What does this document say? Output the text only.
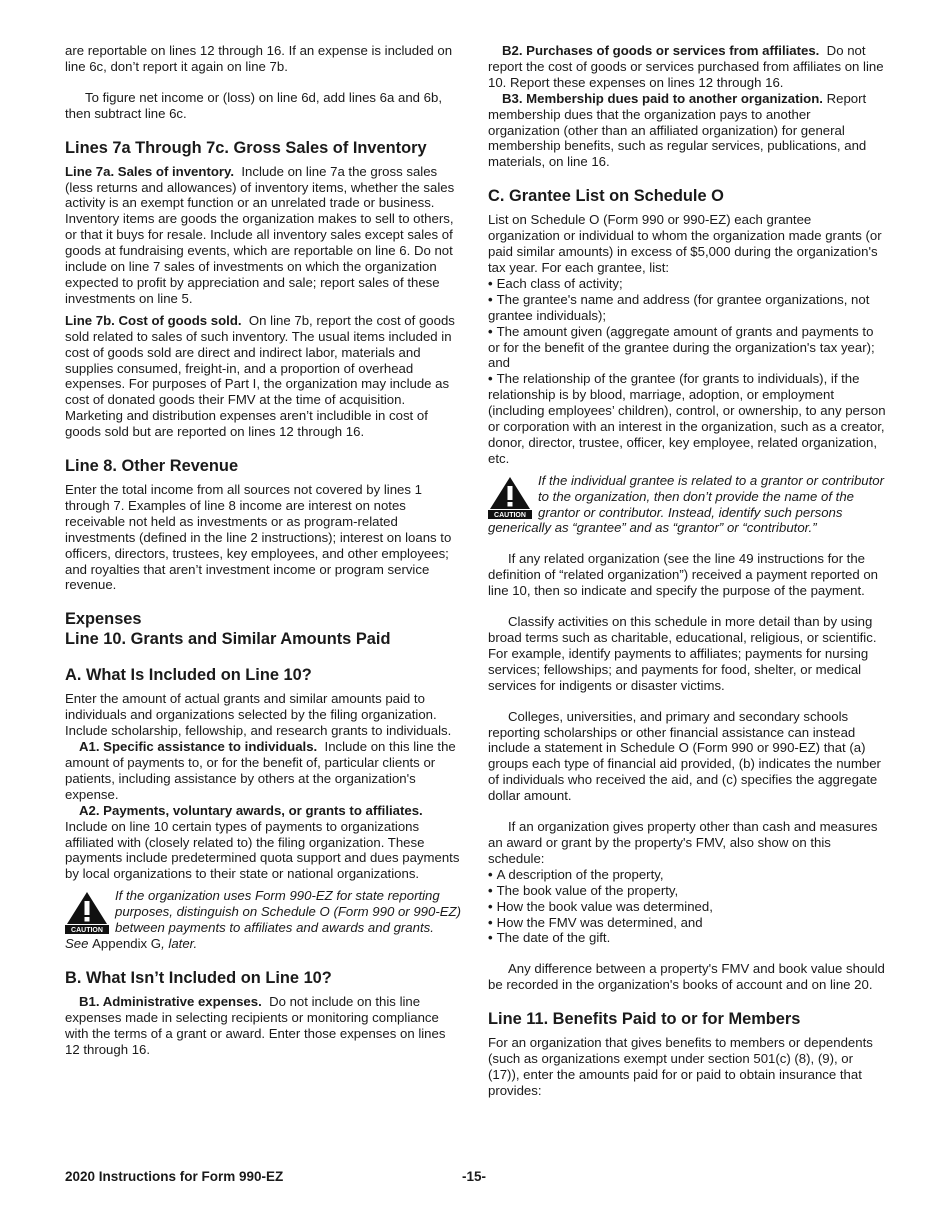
are reportable on lines 12 through 16. If an expense is included on line 6c, don’t report it again on line 7b.

To figure net income or (loss) on line 6d, add lines 6a and 6b, then subtract line 6c.

Lines 7a Through 7c. Gross Sales of Inventory

Line 7a. Sales of inventory. Include on line 7a the gross sales (less returns and allowances) of inventory items, whether the sales activity is an exempt function or an unrelated trade or business. Inventory items are goods the organization makes to sell to others, or that it buys for resale. Include all inventory sales except sales of goods at fundraising events, which are reportable on line 6. Do not include on line 7 sales of investments on which the organization expected to profit by appreciation and sale; report sales of these investments on line 5.

Line 7b. Cost of goods sold. On line 7b, report the cost of goods sold related to sales of such inventory. The usual items included in cost of goods sold are direct and indirect labor, materials and supplies consumed, freight-in, and a proportion of overhead expenses. For purposes of Part I, the organization may include as cost of donated goods their FMV at the time of acquisition. Marketing and distribution expenses aren’t includible in cost of goods sold but are reported on lines 12 through 16.

Line 8. Other Revenue

Enter the total income from all sources not covered by lines 1 through 7. Examples of line 8 income are interest on notes receivable not held as investments or as program-related investments (defined in the line 2 instructions); interest on loans to officers, directors, trustees, key employees, and other employees; and royalties that aren’t investment income or program service revenue.

Expenses
Line 10. Grants and Similar Amounts Paid
A. What Is Included on Line 10?

Enter the amount of actual grants and similar amounts paid to individuals and organizations selected by the filing organization. Include scholarship, fellowship, and research grants to individuals.

A1. Specific assistance to individuals. Include on this line the amount of payments to, or for the benefit of, particular clients or patients, including assistance by others at the organization's expense.

A2. Payments, voluntary awards, or grants to affiliates. Include on line 10 certain types of payments to organizations affiliated with (closely related to) the filing organization. These payments include predetermined quota support and dues payments by local organizations to their state or national organizations.

CAUTION

If the organization uses Form 990-EZ for state reporting purposes, distinguish on Schedule O (Form 990 or 990-EZ) between payments to affiliates and awards and grants. See Appendix G, later.

B. What Isn’t Included on Line 10?

B1. Administrative expenses. Do not include on this line expenses made in selecting recipients or monitoring compliance with the terms of a grant or award. Enter those expenses on lines 12 through 16.

B2. Purchases of goods or services from affiliates. Do not report the cost of goods or services purchased from affiliates on line 10. Report these expenses on lines 12 through 16.

B3. Membership dues paid to another organization. Report membership dues that the organization pays to another organization (other than an affiliated organization) for general membership benefits, such as regular services, publications, and materials, on line 16.

C. Grantee List on Schedule O

List on Schedule O (Form 990 or 990-EZ) each grantee organization or individual to whom the organization made grants (or paid similar amounts) in excess of $5,000 during the organization's tax year. For each grantee, list:

• Each class of activity;
• The grantee's name and address (for grantee organizations, not grantee individuals);
• The amount given (aggregate amount of grants and payments to or for the benefit of the grantee during the organization's tax year); and
• The relationship of the grantee (for grants to individuals), if the relationship is by blood, marriage, adoption, or employment (including employees’ children), control, or ownership, to any person or corporation with an interest in the organization, such as a creator, donor, director, trustee, officer, key employee, related organization, etc.
CAUTION

If the individual grantee is related to a grantor or contributor to the organization, then don’t provide the name of the grantor or contributor. Instead, identify such persons generically as “grantee” and as “grantor” or “contributor.”

If any related organization (see the line 49 instructions for the definition of “related organization”) received a payment reported on line 10, then so indicate and specify the purpose of the payment.

Classify activities on this schedule in more detail than by using broad terms such as charitable, educational, religious, or scientific. For example, identify payments to affiliates; payments for nursing services; fellowships; and payments for food, shelter, or medical services for indigents or disaster victims.

Colleges, universities, and primary and secondary schools reporting scholarships or other financial assistance can instead include a statement in Schedule O (Form 990 or 990-EZ) that (a) groups each type of financial aid provided, (b) indicates the number of individuals who received the aid, and (c) specifies the aggregate dollar amount.

If an organization gives property other than cash and measures an award or grant by the property's FMV, also show on this schedule:

• A description of the property,
• The book value of the property,
• How the book value was determined,
• How the FMV was determined, and
• The date of the gift.

Any difference between a property's FMV and book value should be recorded in the organization's books of account and on line 20.

Line 11. Benefits Paid to or for Members

For an organization that gives benefits to members or dependents (such as organizations exempt under section 501(c) (8), (9), or (17)), enter the amounts paid for or paid to obtain insurance that provides:

2020 Instructions for Form 990-EZ	-15-
